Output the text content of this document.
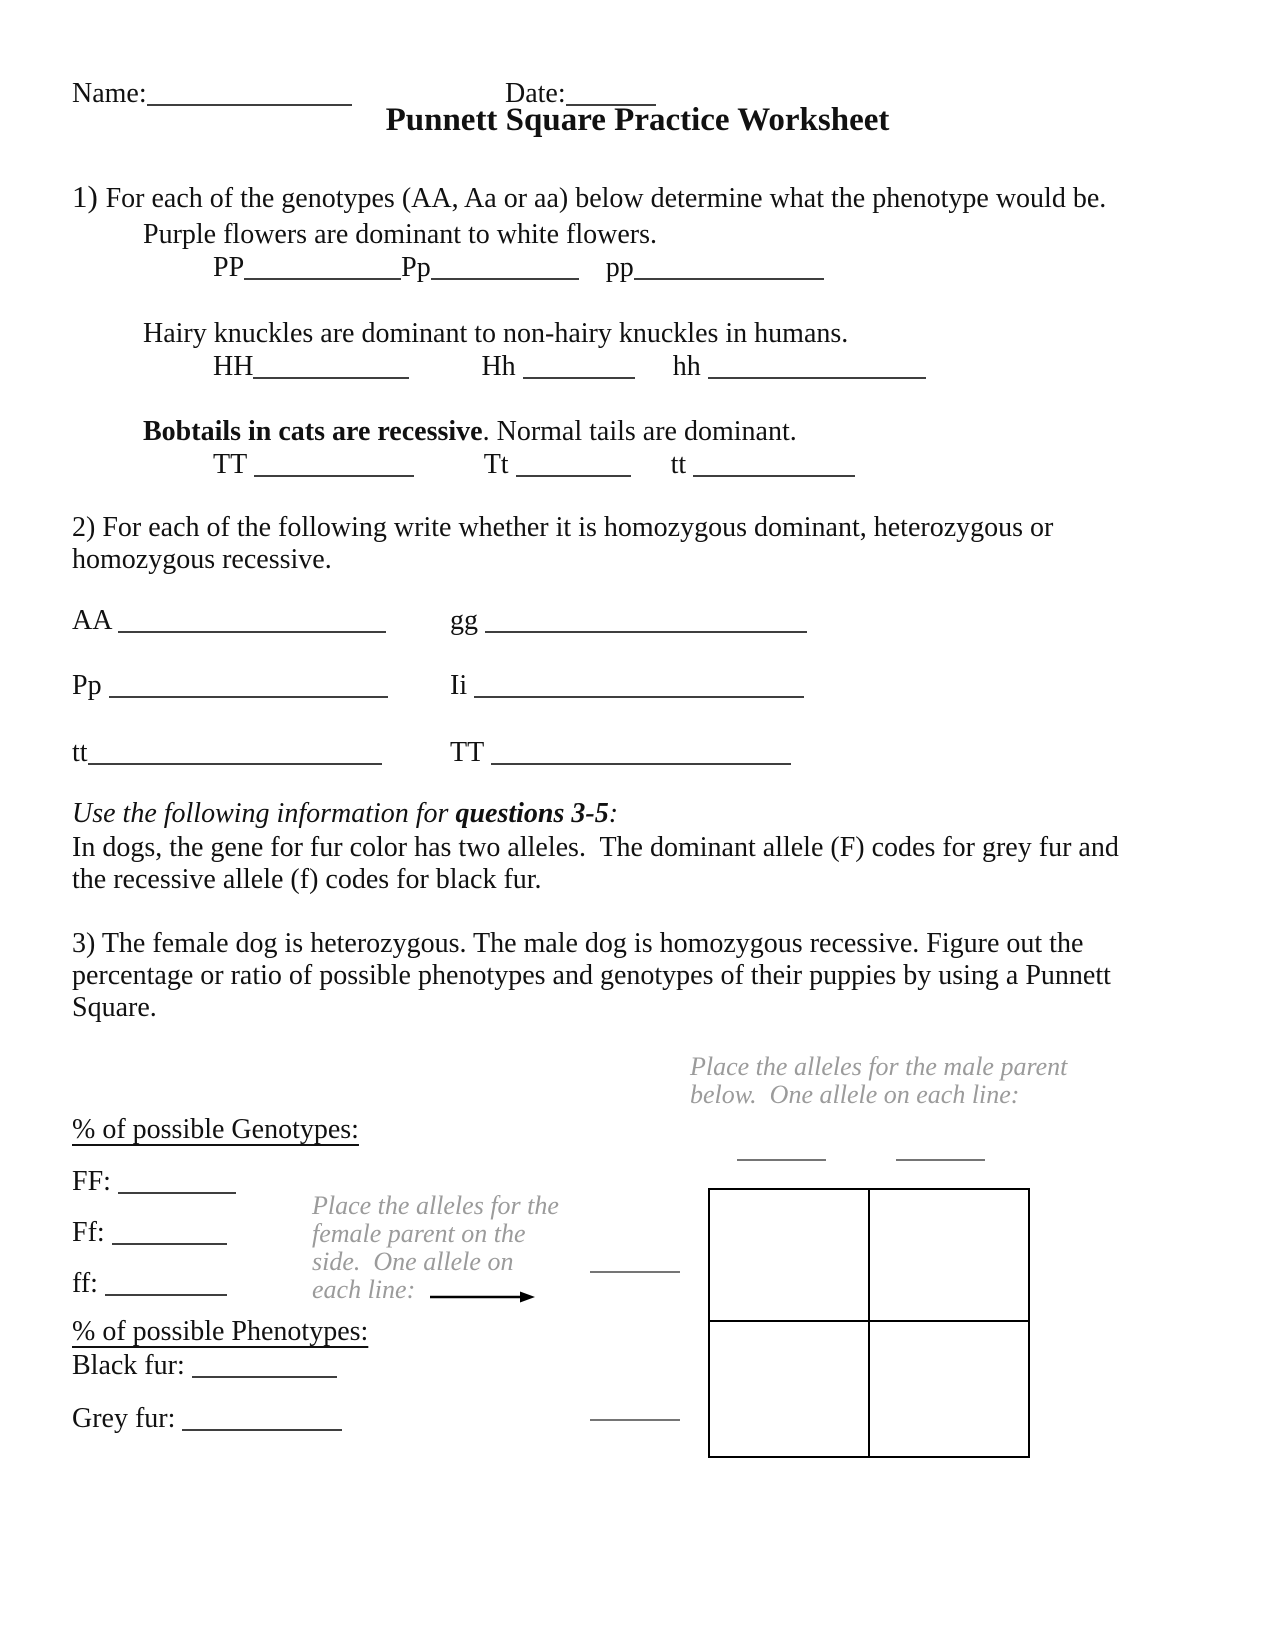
Name:	Date:
Punnett Square Practice Worksheet
1) For each of the genotypes (AA, Aa or aa) below determine what the phenotype would be.
Purple flowers are dominant to white flowers.
PP	Pp	pp
Hairy knuckles are dominant to non-hairy knuckles in humans.
HH	Hh	hh
Bobtails in cats are recessive. Normal tails are dominant.
TT	Tt	tt
2) For each of the following write whether it is homozygous dominant, heterozygous or
homozygous recessive.
AA	gg
Pp	Ii
tt	TT
Use the following information for questions 3-5:
In dogs, the gene for fur color has two alleles.  The dominant allele (F) codes for grey fur and
the recessive allele (f) codes for black fur.
3) The female dog is heterozygous. The male dog is homozygous recessive. Figure out the
percentage or ratio of possible phenotypes and genotypes of their puppies by using a Punnett
Square.
Place the alleles for the male parent
below.  One allele on each line:
% of possible Genotypes:
FF:
Ff:
ff:
Place the alleles for the
female parent on the
side.  One allele on
each line:
% of possible Phenotypes:
Black fur:
Grey fur:
